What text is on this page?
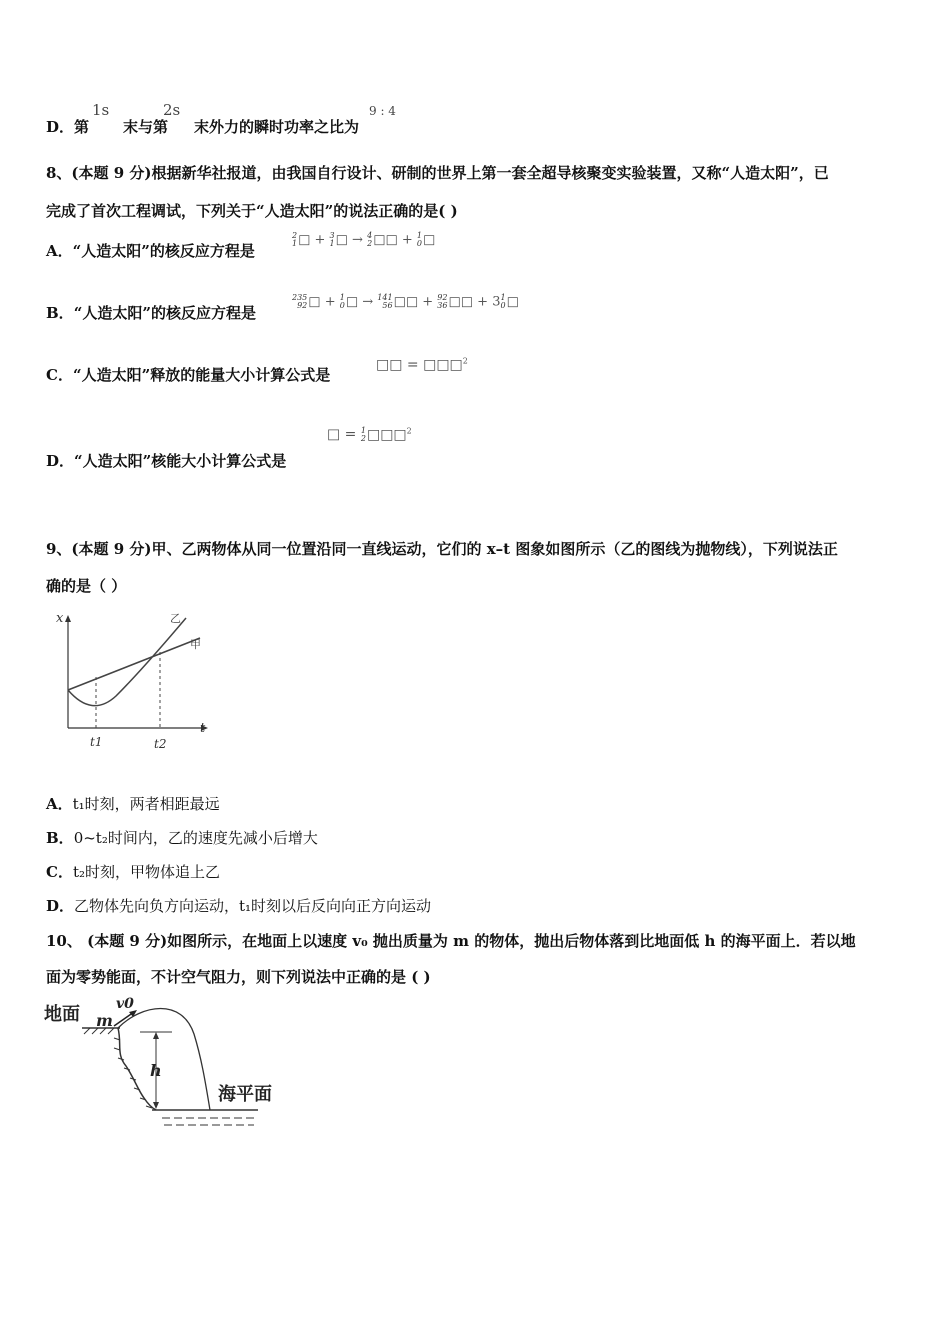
D．第 末与第 末外力的瞬时功率之比为
1s	2s	9 : 4
8、(本题 9 分)根据新华社报道，由我国自行设计、研制的世界上第一套全超导核聚变实验装置，又称“人造太阳”，已
完成了首次工程调试，下列关于“人造太阳”的说法正确的是( )
A．“人造太阳”的核反应方程是
2
1□ + 3
1□ → 4
2□□ + 1
0□
B．“人造太阳”的核反应方程是
235
92□ + 1
0□ → 141
56□□ + 92
36□□ + 31
0□
C．“人造太阳”释放的能量大小计算公式是
□□ = □□□$^2$
D．“人造太阳”核能大小计算公式是
□ = 1
2□□□$^2$
9、(本题 9 分)甲、乙两物体从同一位置沿同一直线运动，它们的 x–t 图象如图所示（乙的图线为抛物线），下列说法正
确的是（ ）
x
t
乙
甲
t1	t2
A．t₁时刻，两者相距最远
B．0~t₂时间内，乙的速度先减小后增大
C．t₂时刻，甲物体追上乙
D．乙物体先向负方向运动，t₁时刻以后反向向正方向运动
10、 (本题 9 分)如图所示，在地面上以速度 v₀ 抛出质量为 m 的物体，抛出后物体落到比地面低 h 的海平面上．若以地
面为零势能面，不计空气阻力，则下列说法中正确的是 ( )
地面 m
v0
h
海平面
